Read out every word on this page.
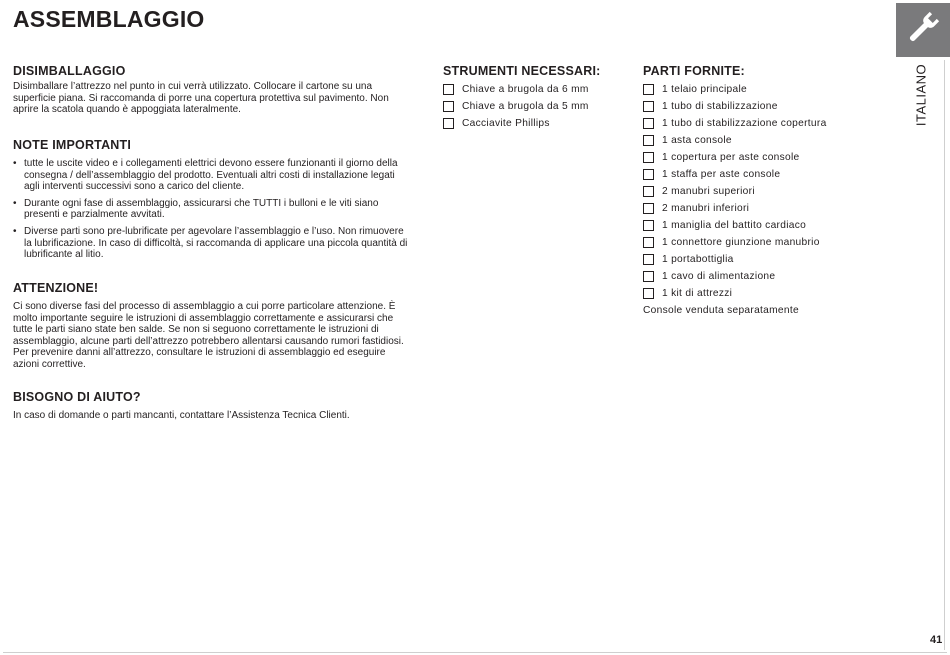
ASSEMBLAGGIO
ITALIANO
41
DISIMBALLAGGIO

Disimballare l’attrezzo nel punto in cui verrà utilizzato. Collocare il cartone su una superficie piana. Si raccomanda di porre una copertura protettiva sul pavimento. Non aprire la scatola quando è appoggiata lateralmente.

NOTE IMPORTANTI
• tutte le uscite video e i collegamenti elettrici devono essere funzionanti il giorno della consegna / dell’assemblaggio del prodotto. Eventuali altri costi di installazione legati agli interventi successivi sono a carico del cliente.
• Durante ogni fase di assemblaggio, assicurarsi che TUTTI i bulloni e le viti siano presenti e parzialmente avvitati.
• Diverse parti sono pre-lubrificate per agevolare l’assemblaggio e l’uso. Non rimuovere la lubrificazione. In caso di difficoltà, si raccomanda di applicare una piccola quantità di lubrificante al litio.
ATTENZIONE!

Ci sono diverse fasi del processo di assemblaggio a cui porre particolare attenzione. È molto importante seguire le istruzioni di assemblaggio correttamente e assicurarsi che tutte le parti siano state ben salde. Se non si seguono correttamente le istruzioni di assemblaggio, alcune parti dell’attrezzo potrebbero allentarsi causando rumori fastidiosi. Per prevenire danni all’attrezzo, consultare le istruzioni di assemblaggio ed eseguire azioni correttive.

BISOGNO DI AIUTO?

In caso di domande o parti mancanti, contattare l’Assistenza Tecnica Clienti.

STRUMENTI NECESSARI:
Chiave a brugola da 6 mm
Chiave a brugola da 5 mm
Cacciavite Phillips
PARTI FORNITE:
1 telaio principale
1 tubo di stabilizzazione
1 tubo di stabilizzazione copertura
1 asta console
1 copertura per aste console
1 staffa per aste console
2 manubri superiori
2 manubri inferiori
1 maniglia del battito cardiaco
1 connettore giunzione manubrio
1 portabottiglia
1 cavo di alimentazione
1 kit di attrezzi
Console venduta separatamente
